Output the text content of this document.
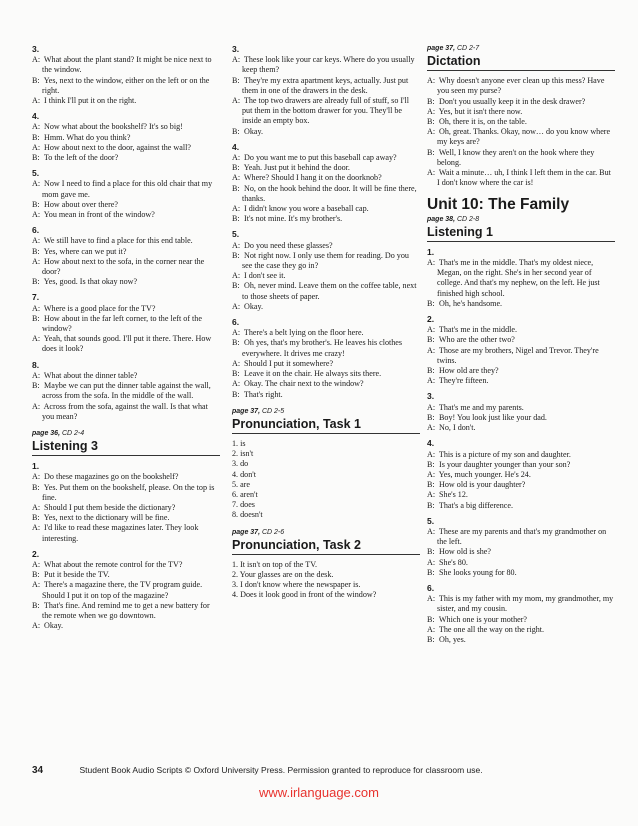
3.

A: What about the plant stand? It might be nice next to the window.

B: Yes, next to the window, either on the left or on the right.

A: I think I'll put it on the right.

4.

A: Now what about the bookshelf? It's so big!

B: Hmm. What do you think?

A: How about next to the door, against the wall?

B: To the left of the door?

5.

A: Now I need to find a place for this old chair that my mom gave me.

B: How about over there?

A: You mean in front of the window?

6.

A: We still have to find a place for this end table.

B: Yes, where can we put it?

A: How about next to the sofa, in the corner near the door?

B: Yes, good. Is that okay now?

7.

A: Where is a good place for the TV?

B: How about in the far left corner, to the left of the window?

A: Yeah, that sounds good. I'll put it there. There. How does it look?

8.

A: What about the dinner table?

B: Maybe we can put the dinner table against the wall, across from the sofa. In the middle of the wall.

A: Across from the sofa, against the wall. Is that what you mean?

page 36, CD 2-4
Listening 3
1.

A: Do these magazines go on the bookshelf?

B: Yes. Put them on the bookshelf, please. On the top is fine.

A: Should I put them beside the dictionary?

B: Yes, next to the dictionary will be fine.

A: I'd like to read these magazines later. They look interesting.

2.

A: What about the remote control for the TV?

B: Put it beside the TV.

A: There's a magazine there, the TV program guide. Should I put it on top of the magazine?

B: That's fine. And remind me to get a new battery for the remote when we go downtown.

A: Okay.

3.

A: These look like your car keys. Where do you usually keep them?

B: They're my extra apartment keys, actually. Just put them in one of the drawers in the desk.

A: The top two drawers are already full of stuff, so I'll put them in the bottom drawer for you. They'll be inside an empty box.

B: Okay.

4.

A: Do you want me to put this baseball cap away?

B: Yeah. Just put it behind the door.

A: Where? Should I hang it on the doorknob?

B: No, on the hook behind the door. It will be fine there, thanks.

A: I didn't know you wore a baseball cap.

B: It's not mine. It's my brother's.

5.

A: Do you need these glasses?

B: Not right now. I only use them for reading. Do you see the case they go in?

A: I don't see it.

B: Oh, never mind. Leave them on the coffee table, next to those sheets of paper.

A: Okay.

6.

A: There's a belt lying on the floor here.

B: Oh yes, that's my brother's. He leaves his clothes everywhere. It drives me crazy!

A: Should I put it somewhere?

B: Leave it on the chair. He always sits there.

A: Okay. The chair next to the window?

B: That's right.

page 37, CD 2-5
Pronunciation, Task 1
1. is
2. isn't
3. do
4. don't
5. are
6. aren't
7. does
8. doesn't
page 37, CD 2-6
Pronunciation, Task 2
1. It isn't on top of the TV.
2. Your glasses are on the desk.
3. I don't know where the newspaper is.
4. Does it look good in front of the window?
page 37, CD 2-7
Dictation

A: Why doesn't anyone ever clean up this mess? Have you seen my purse?

B: Don't you usually keep it in the desk drawer?

A: Yes, but it isn't there now.

B: Oh, there it is, on the table.

A: Oh, great. Thanks. Okay, now… do you know where my keys are?

B: Well, I know they aren't on the hook where they belong.

A: Wait a minute… uh, I think I left them in the car. But I don't know where the car is!

Unit 10: The Family
page 38, CD 2-8
Listening 1
1.

A: That's me in the middle. That's my oldest niece, Megan, on the right. She's in her second year of college. And that's my nephew, on the left. He just finished high school.

B: Oh, he's handsome.

2.

A: That's me in the middle.

B: Who are the other two?

A: Those are my brothers, Nigel and Trevor. They're twins.

B: How old are they?

A: They're fifteen.

3.

A: That's me and my parents.

B: Boy! You look just like your dad.

A: No, I don't.

4.

A: This is a picture of my son and daughter.

B: Is your daughter younger than your son?

A: Yes, much younger. He's 24.

B: How old is your daughter?

A: She's 12.

B: That's a big difference.

5.

A: These are my parents and that's my grandmother on the left.

B: How old is she?

A: She's 80.

B: She looks young for 80.

6.

A: This is my father with my mom, my grandmother, my sister, and my cousin.

B: Which one is your mother?

A: The one all the way on the right.

B: Oh, yes.

34	Student Book Audio Scripts © Oxford University Press. Permission granted to reproduce for classroom use.
www.irlanguage.com
